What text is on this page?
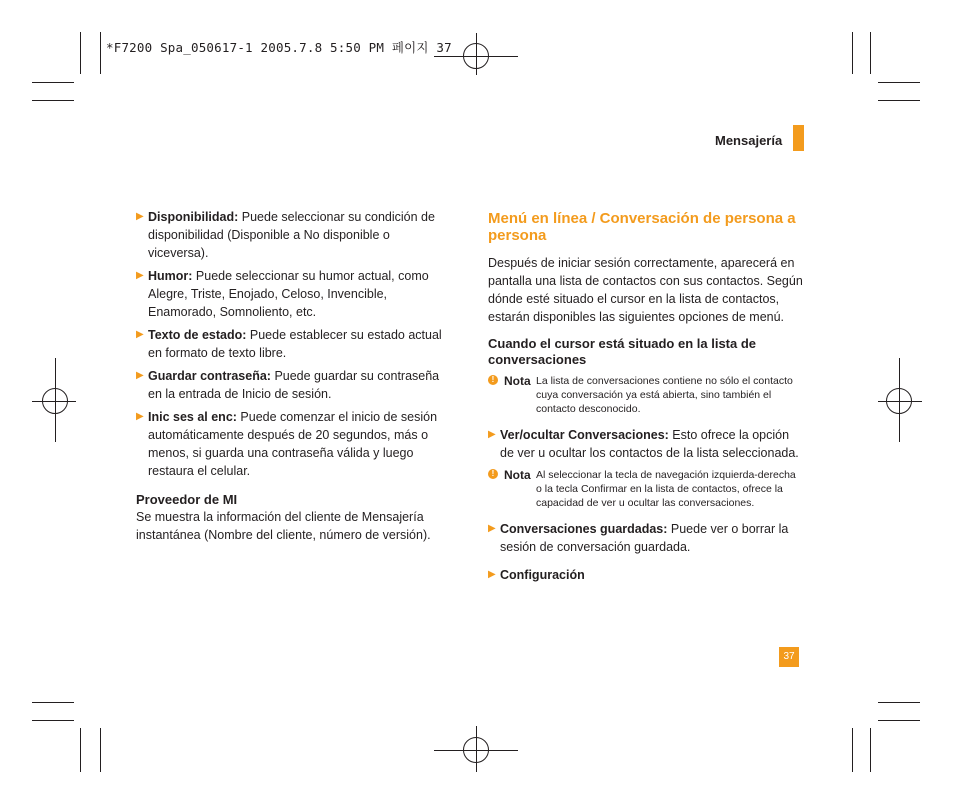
*F7200 Spa_050617-1 2005.7.8 5:50 PM 페이지 37
Mensajería
▶ Disponibilidad: Puede seleccionar su condición de disponibilidad (Disponible a No disponible o viceversa).
▶ Humor: Puede seleccionar su humor actual, como Alegre, Triste, Enojado, Celoso, Invencible, Enamorado, Somnoliento, etc.
▶ Texto de estado: Puede establecer su estado actual en formato de texto libre.
▶ Guardar contraseña: Puede guardar su contraseña en la entrada de Inicio de sesión.
▶ Inic ses al enc: Puede comenzar el inicio de sesión automáticamente después de 20 segundos, más o menos, si guarda una contraseña válida y luego restaura el celular.
Proveedor de MI
Se muestra la información del cliente de Mensajería instantánea (Nombre del cliente, número de versión).
Menú en línea / Conversación de persona a persona
Después de iniciar sesión correctamente, aparecerá en pantalla una lista de contactos con sus contactos. Según dónde esté situado el cursor en la lista de contactos, estarán disponibles las siguientes opciones de menú.
Cuando el cursor está situado en la lista de conversaciones
! Nota La lista de conversaciones contiene no sólo el contacto cuya conversación ya está abierta, sino también el contacto desconocido.
▶ Ver/ocultar Conversaciones: Esto ofrece la opción de ver u ocultar los contactos de la lista seleccionada.
! Nota Al seleccionar la tecla de navegación izquierda-derecha o la tecla Confirmar en la lista de contactos, ofrece la capacidad de ver u ocultar las conversaciones.
▶ Conversaciones guardadas: Puede ver o borrar la sesión de conversación guardada.
▶ Configuración
37
